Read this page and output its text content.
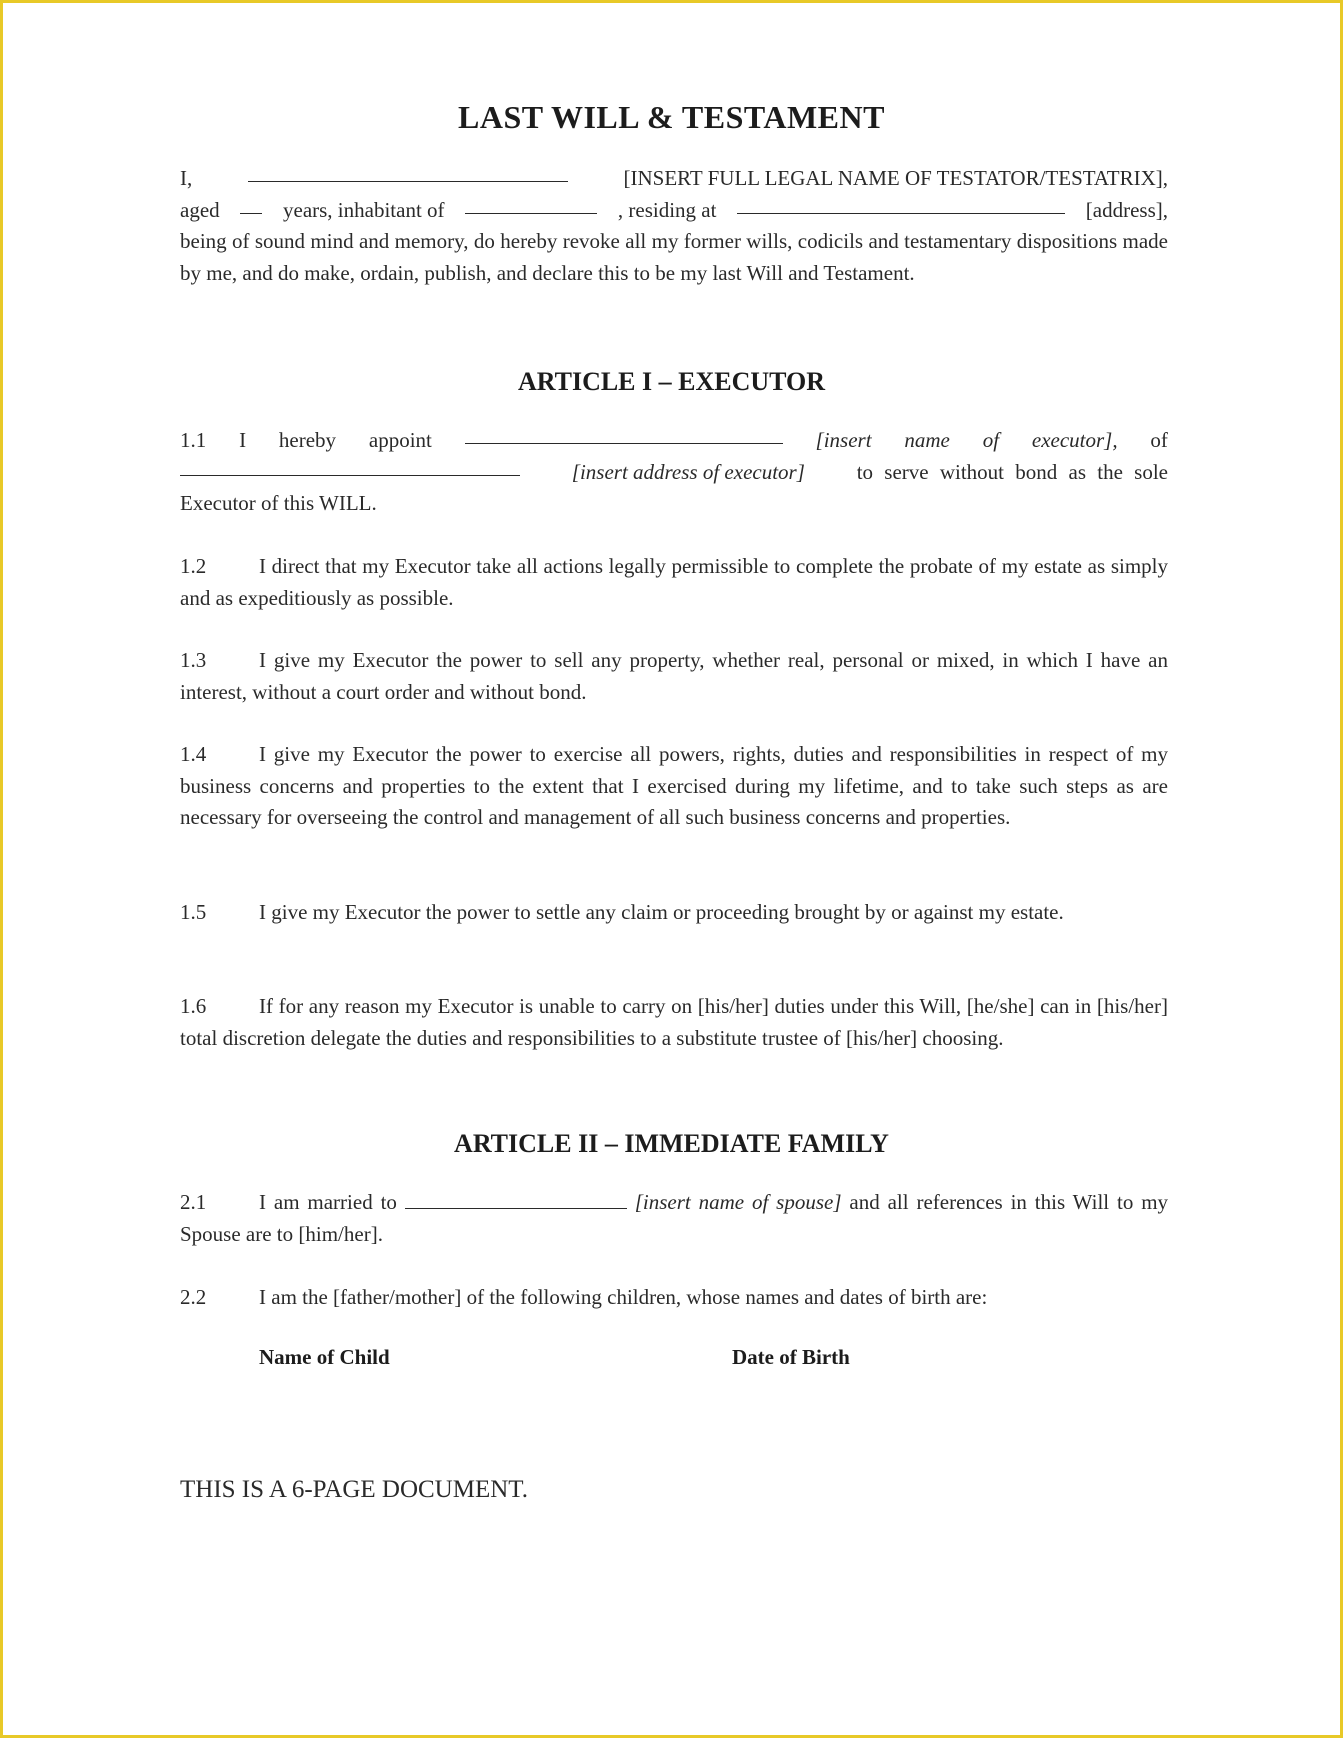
LAST WILL & TESTAMENT
I,	[INSERT FULL LEGAL NAME OF TESTATOR/TESTATRIX],
aged	years, inhabitant of	, residing at	[address],
being of sound mind and memory, do hereby revoke all my former wills, codicils and testamentary dispositions made by me, and do make, ordain, publish, and declare this to be my last Will and Testament.
ARTICLE I – EXECUTOR
1.1 I hereby appoint	[insert name of executor], of
[insert address of executor] to serve without bond as the sole
Executor of this WILL.
1.2	I direct that my Executor take all actions legally permissible to complete the probate of my estate as simply and as expeditiously as possible.
1.3	I give my Executor the power to sell any property, whether real, personal or mixed, in which I have an interest, without a court order and without bond.
1.4	I give my Executor the power to exercise all powers, rights, duties and responsibilities in respect of my business concerns and properties to the extent that I exercised during my lifetime, and to take such steps as are necessary for overseeing the control and management of all such business concerns and properties.
1.5	I give my Executor the power to settle any claim or proceeding brought by or against my estate.
1.6	If for any reason my Executor is unable to carry on [his/her] duties under this Will, [he/she] can in [his/her] total discretion delegate the duties and responsibilities to a substitute trustee of [his/her] choosing.
ARTICLE II – IMMEDIATE FAMILY
2.1	I am married to	[insert name of spouse] and all references in this Will to my Spouse are to [him/her].
2.2	I am the [father/mother] of the following children, whose names and dates of birth are:
Name of Child	Date of Birth
THIS IS A 6-PAGE DOCUMENT.
